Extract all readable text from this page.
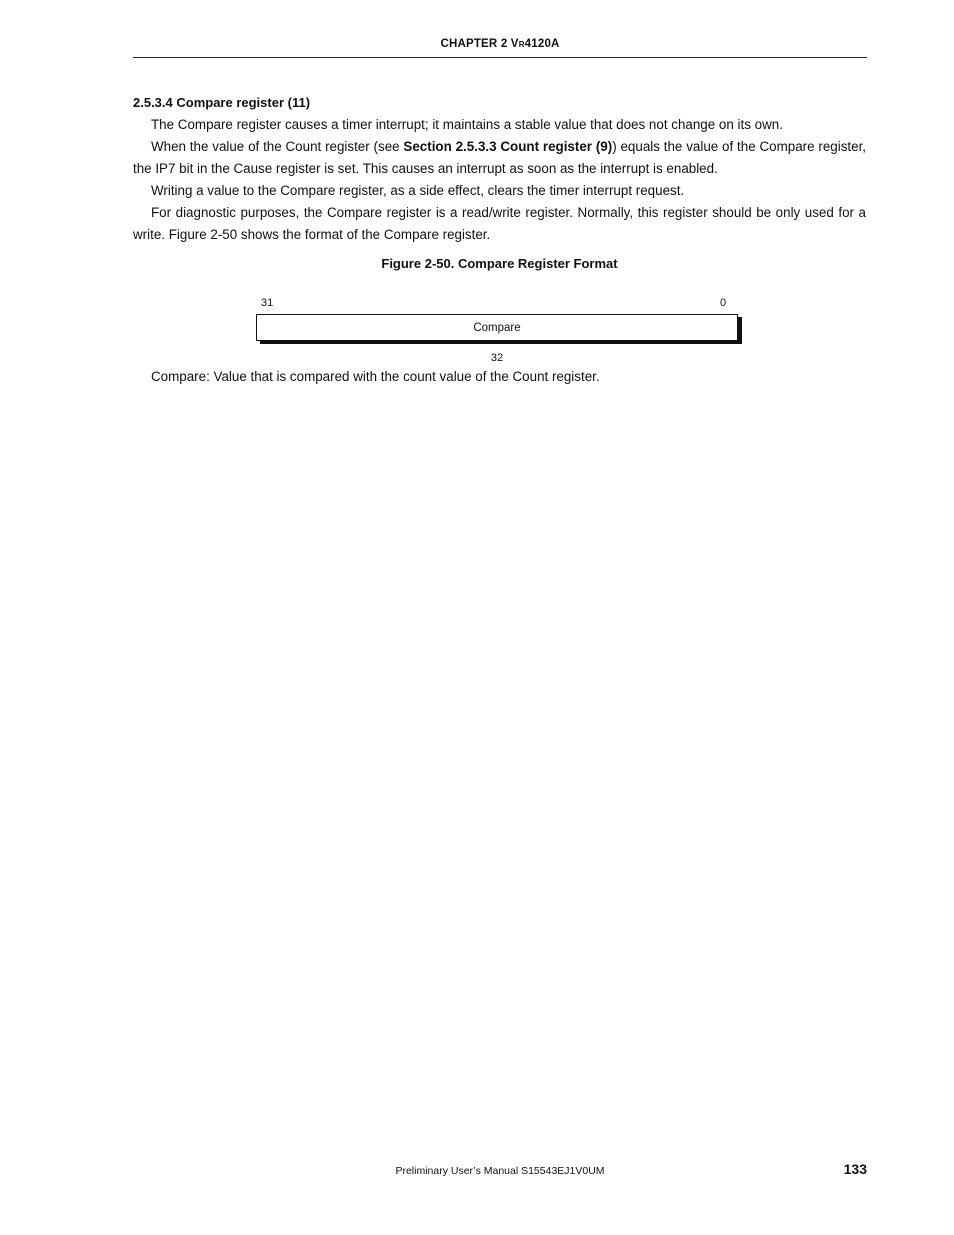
CHAPTER 2 VR4120A

2.5.3.4 Compare register (11)

The Compare register causes a timer interrupt; it maintains a stable value that does not change on its own.

When the value of the Count register (see Section 2.5.3.3 Count register (9)) equals the value of the Compare register, the IP7 bit in the Cause register is set. This causes an interrupt as soon as the interrupt is enabled.

Writing a value to the Compare register, as a side effect, clears the timer interrupt request.

For diagnostic purposes, the Compare register is a read/write register. Normally, this register should be only used for a write. Figure 2-50 shows the format of the Compare register.

Figure 2-50. Compare Register Format
31	0
Compare
32
Compare: Value that is compared with the count value of the Count register.
Preliminary User’s Manual S15543EJ1V0UM	133
